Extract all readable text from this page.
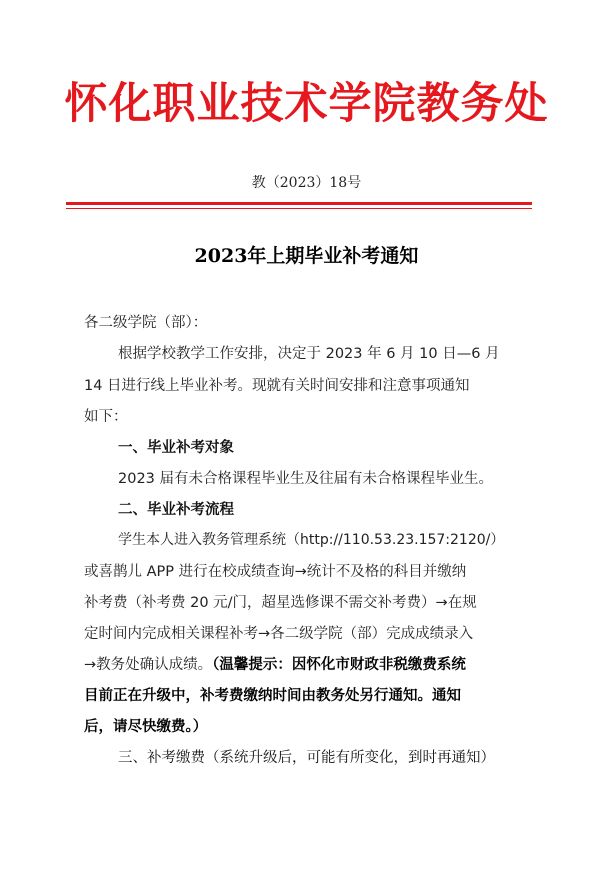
怀化职业技术学院教务处
教（2023）18号
2023年上期毕业补考通知
各二级学院（部）：
根据学校教学工作安排，决定于 2023 年 6 月 10 日—6 月
14 日进行线上毕业补考。现就有关时间安排和注意事项通知
如下：
一、毕业补考对象
2023 届有未合格课程毕业生及往届有未合格课程毕业生。
二、毕业补考流程
学生本人进入教务管理系统（http://110.53.23.157:2120/）
或喜鹊儿 APP 进行在校成绩查询→统计不及格的科目并缴纳
补考费（补考费 20 元/门，超星选修课不需交补考费）→在规
定时间内完成相关课程补考→各二级学院（部）完成成绩录入
→教务处确认成绩。（温馨提示：因怀化市财政非税缴费系统
目前正在升级中，补考费缴纳时间由教务处另行通知。通知
后，请尽快缴费。）
三、补考缴费（系统升级后，可能有所变化，到时再通知）
